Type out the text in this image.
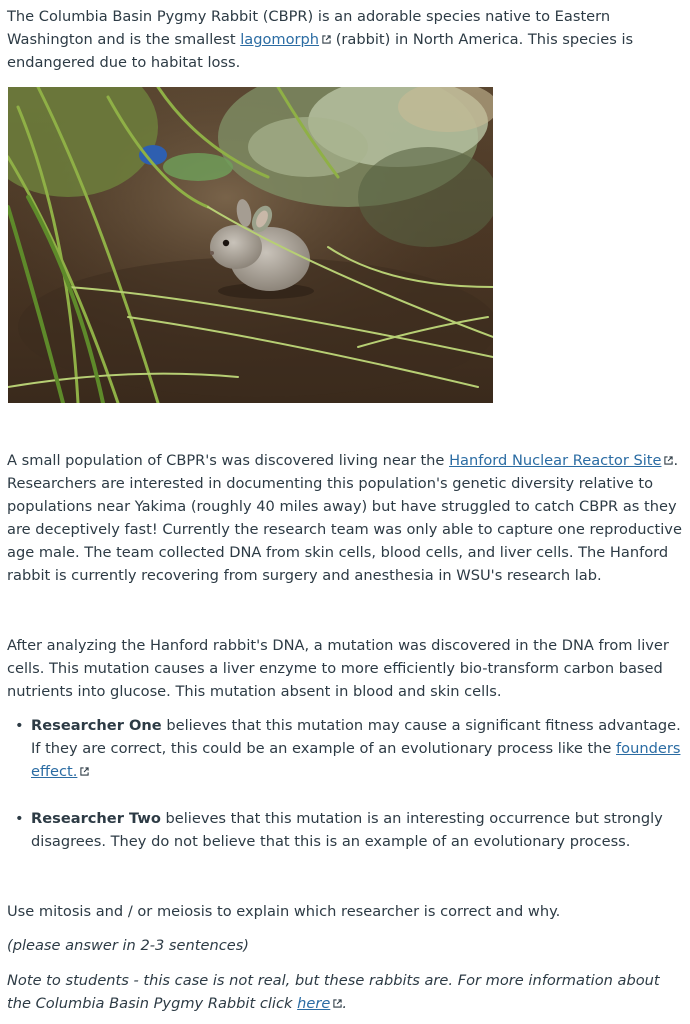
The Columbia Basin Pygmy Rabbit (CBPR) is an adorable species native to Eastern Washington and is the smallest lagomorph (rabbit) in North America. This species is endangered due to habitat loss.

A small population of CBPR's was discovered living near the Hanford Nuclear Reactor Site . Researchers are interested in documenting this population's genetic diversity relative to populations near Yakima (roughly 40 miles away) but have struggled to catch CBPR as they are deceptively fast! Currently the research team was only able to capture one reproductive age male. The team collected DNA from skin cells, blood cells, and liver cells. The Hanford rabbit is currently recovering from surgery and anesthesia in WSU's research lab.

After analyzing the Hanford rabbit's DNA, a mutation was discovered in the DNA from liver cells. This mutation causes a liver enzyme to more efficiently bio-transform carbon based nutrients into glucose. This mutation absent in blood and skin cells.

• Researcher One believes that this mutation may cause a significant fitness advantage. If they are correct, this could be an example of an evolutionary process like the founders effect.
• Researcher Two believes that this mutation is an interesting occurrence but strongly disagrees. They do not believe that this is an example of an evolutionary process.

Use mitosis and / or meiosis to explain which researcher is correct and why.

(please answer in 2-3 sentences)

Note to students - this case is not real, but these rabbits are. For more information about the Columbia Basin Pygmy Rabbit click here .
